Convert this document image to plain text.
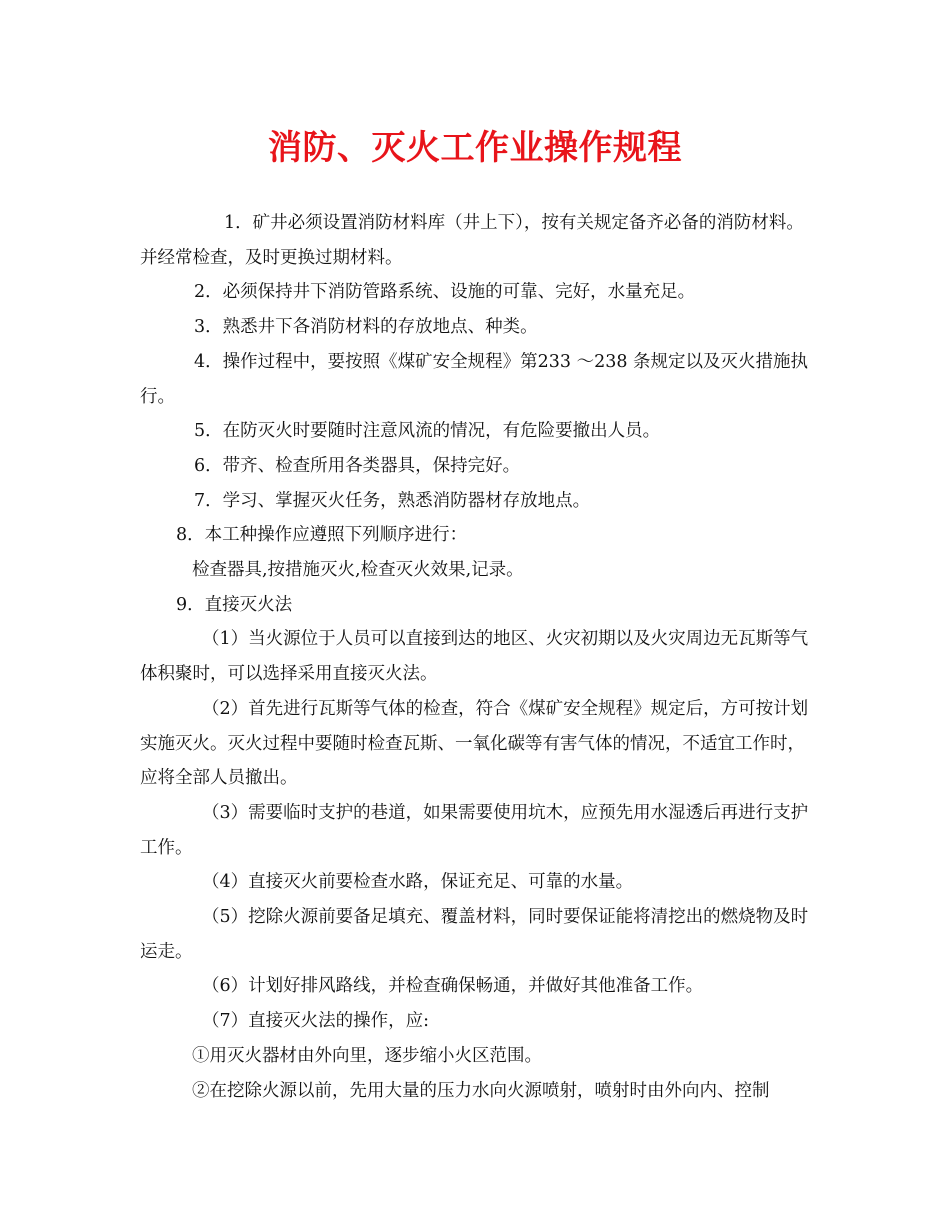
消防、灭火工作业操作规程

1．矿井必须设置消防材料库（井上下），按有关规定备齐必备的消防材料。并经常检查，及时更换过期材料。

2．必须保持井下消防管路系统、设施的可靠、完好，水量充足。

3．熟悉井下各消防材料的存放地点、种类。

4．操作过程中，要按照《煤矿安全规程》第233 ～238 条规定以及灭火措施执行。

5．在防灭火时要随时注意风流的情况，有危险要撤出人员。

6．带齐、检查所用各类器具，保持完好。

7．学习、掌握灭火任务，熟悉消防器材存放地点。

8．本工种操作应遵照下列顺序进行：

检查器具,按措施灭火,检查灭火效果,记录。

9．直接灭火法

（1）当火源位于人员可以直接到达的地区、火灾初期以及火灾周边无瓦斯等气体积聚时，可以选择采用直接灭火法。

（2）首先进行瓦斯等气体的检查，符合《煤矿安全规程》规定后，方可按计划实施灭火。灭火过程中要随时检查瓦斯、一氧化碳等有害气体的情况，不适宜工作时，应将全部人员撤出。

（3）需要临时支护的巷道，如果需要使用坑木，应预先用水湿透后再进行支护工作。

（4）直接灭火前要检查水路，保证充足、可靠的水量。

（5）挖除火源前要备足填充、覆盖材料，同时要保证能将清挖出的燃烧物及时运走。

（6）计划好排风路线，并检查确保畅通，并做好其他准备工作。

（7）直接灭火法的操作，应:

①用灭火器材由外向里，逐步缩小火区范围。

②在挖除火源以前，先用大量的压力水向火源喷射，喷射时由外向内、控制
